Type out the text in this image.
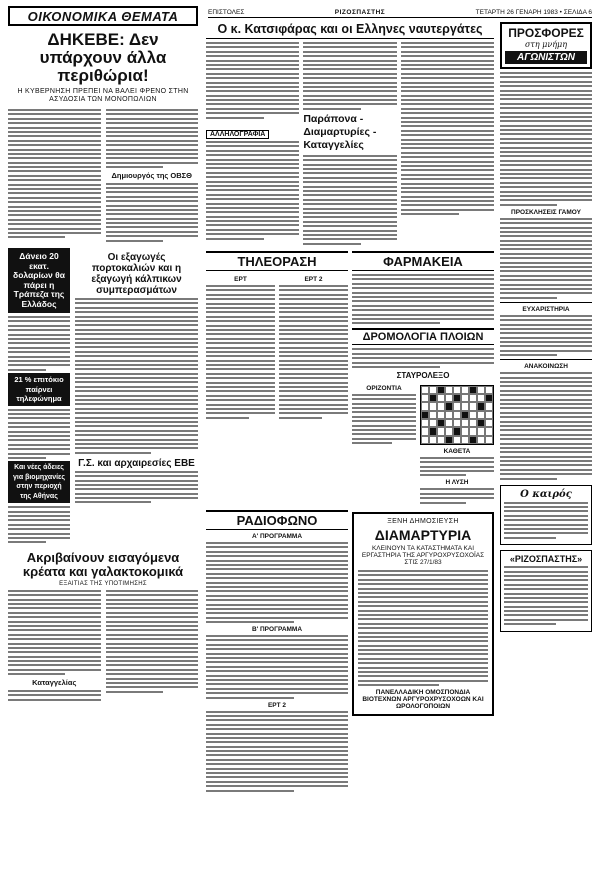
ΕΠΙΣΤΟΛΕΣ	ΡΙΖΟΣΠΑΣΤΗΣ	ΤΕΤΑΡΤΗ 26 ΓΕΝΑΡΗ 1983 • ΣΕΛΙΔΑ 6
ΟΙΚΟΝΟΜΙΚΑ ΘΕΜΑΤΑ
ΔΗΚΕΒΕ: Δεν υπάρχουν άλλα περιθώρια!
Η ΚΥΒΕΡΝΗΣΗ ΠΡΕΠΕΙ ΝΑ ΒΑΛΕΙ ΦΡΕΝΟ ΣΤΗΝ ΑΣΥΔΟΣΙΑ ΤΩΝ ΜΟΝΟΠΩΛΙΩΝ
Δημιουργός της ΟΒΣΘ
Δάνειο 20 εκατ. δολαρίων θα πάρει η Τράπεζα της Ελλάδος
21 % επιτόκιο παίρνει τηλεφώνημα
Και νέες άδειες για βιομηχανίες στην περιοχή της Αθήνας
Οι εξαγωγές πορτοκαλιών και η εξαγωγή κάλπικων συμπερασμάτων
Γ.Σ. και αρχαιρεσίες ΕΒΕ
Ακριβαίνουν εισαγόμενα κρέατα και γαλακτοκομικά
ΕΞΑΙΤΙΑΣ ΤΗΣ ΥΠΟΤΙΜΗΣΗΣ
Καταγγελίας
Ο κ. Κατσιφάρας και οι Ελληνες ναυτεργάτες
ΑΛΛΗΛΟΓΡΑΦΙΑ
Παράπονα - Διαμαρτυρίες - Καταγγελίες
ΤΗΛΕΟΡΑΣΗ
ΕΡΤ	ΕΡΤ 2
ΦΑΡΜΑΚΕΙΑ
ΔΡΟΜΟΛΟΓΙΑ ΠΛΟΙΩΝ
ΣΤΑΥΡΟΛΕΞΟ
ΟΡΙΖΟΝΤΙΑ
ΚΑΘΕΤΑ
Η ΛΥΣΗ
ΡΑΔΙΟΦΩΝΟ
Α' ΠΡΟΓΡΑΜΜΑ
Β' ΠΡΟΓΡΑΜΜΑ
ΕΡΤ 2
ΞΕΝΗ ΔΗΜΟΣΙΕΥΣΗ
ΔΙΑΜΑΡΤΥΡΙΑ
ΚΛΕΙΝΟΥΝ ΤΑ ΚΑΤΑΣΤΗΜΑΤΑ ΚΑΙ ΕΡΓΑΣΤΗΡΙΑ ΤΗΣ ΑΡΓΥΡΟΧΡΥΣΟΧΟΪΑΣ ΣΤΙΣ 27/1/83
ΠΑΝΕΛΛΑΔΙΚΗ ΟΜΟΣΠΟΝΔΙΑ ΒΙΟΤΕΧΝΩΝ ΑΡΓΥΡΟΧΡΥΣΟΧΟΩΝ ΚΑΙ ΩΡΟΛΟΓΟΠΟΙΩΝ
ΠΡΟΣΦΟΡΕΣ
στη μνήμη
ΑΓΩΝΙΣΤΩΝ
ΠΡΟΣΚΛΗΣΕΙΣ ΓΑΜΟΥ
ΕΥΧΑΡΙΣΤΗΡΙΑ
ΑΝΑΚΟΙΝΩΣΗ
Ο καιρός
«ΡΙΖΟΣΠΑΣΤΗΣ»
